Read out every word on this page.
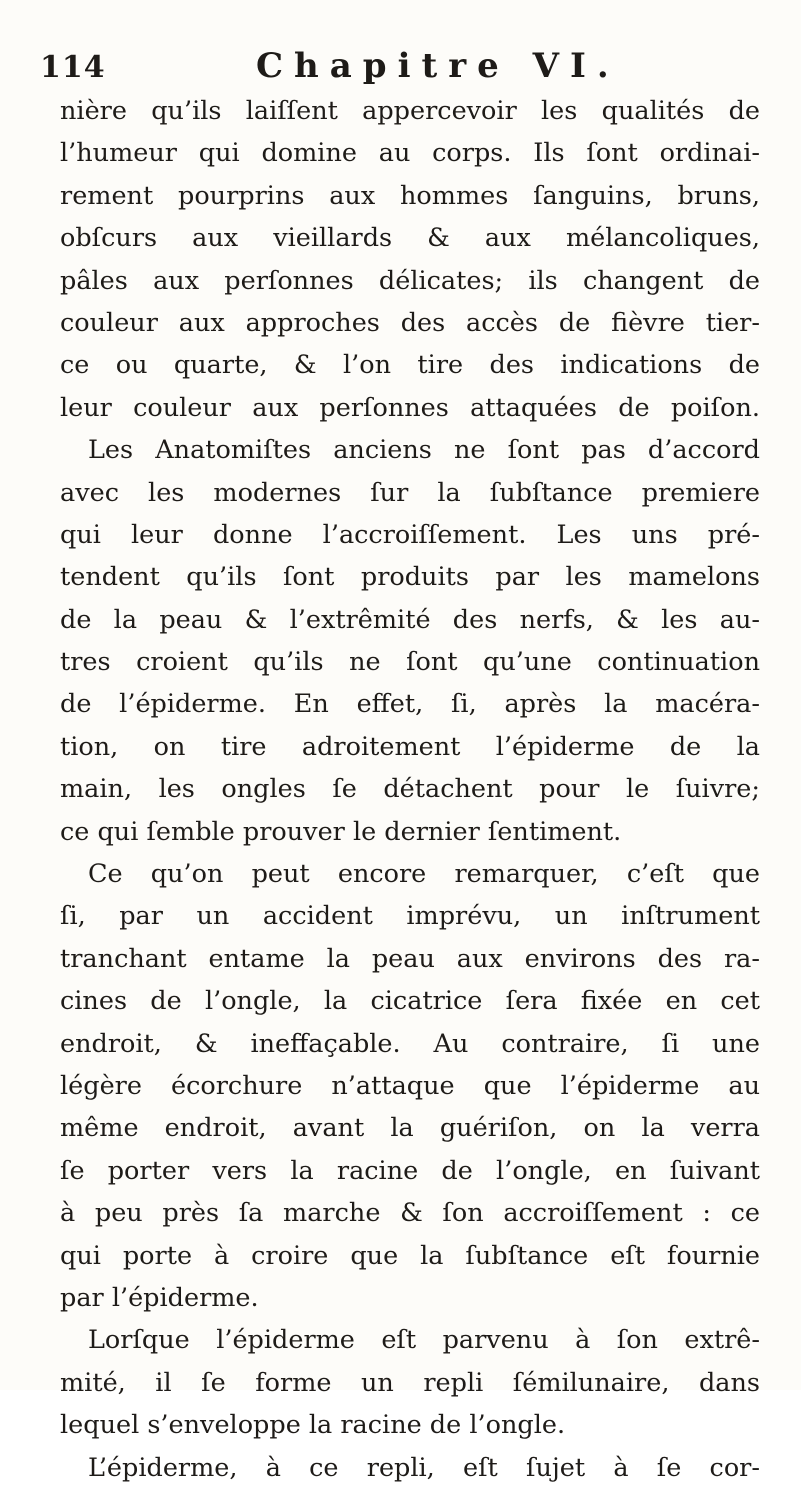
114	Chapitre VI.
nière qu’ils laiſſent appercevoir les qualités de
l’humeur qui domine au corps. Ils ſont ordinai-
rement pourprins aux hommes ſanguins, bruns,
obſcurs aux vieillards & aux mélancoliques,
pâles aux perſonnes délicates; ils changent de
couleur aux approches des accès de fièvre tier-
ce ou quarte, & l’on tire des indications de
leur couleur aux perſonnes attaquées de poiſon.
Les Anatomiſtes anciens ne ſont pas d’accord
avec les modernes ſur la ſubſtance premiere
qui leur donne l’accroiſſement. Les uns pré-
tendent qu’ils ſont produits par les mamelons
de la peau & l’extrêmité des nerfs, & les au-
tres croient qu’ils ne ſont qu’une continuation
de l’épiderme. En effet, ſi, après la macéra-
tion, on tire adroitement l’épiderme de la
main, les ongles ſe détachent pour le ſuivre;
ce qui ſemble prouver le dernier ſentiment.
Ce qu’on peut encore remarquer, c’eſt que
ſi, par un accident imprévu, un inſtrument
tranchant entame la peau aux environs des ra-
cines de l’ongle, la cicatrice ſera fixée en cet
endroit, & ineffaçable. Au contraire, ſi une
légère écorchure n’attaque que l’épiderme au
même endroit, avant la guériſon, on la verra
ſe porter vers la racine de l’ongle, en ſuivant
à peu près ſa marche & ſon accroiſſement : ce
qui porte à croire que la ſubſtance eſt fournie
par l’épiderme.
Lorſque l’épiderme eſt parvenu à ſon extrê-
mité, il ſe forme un repli ſémilunaire, dans
lequel s’enveloppe la racine de l’ongle.
L’épiderme, à ce repli, eſt ſujet à ſe cor-
